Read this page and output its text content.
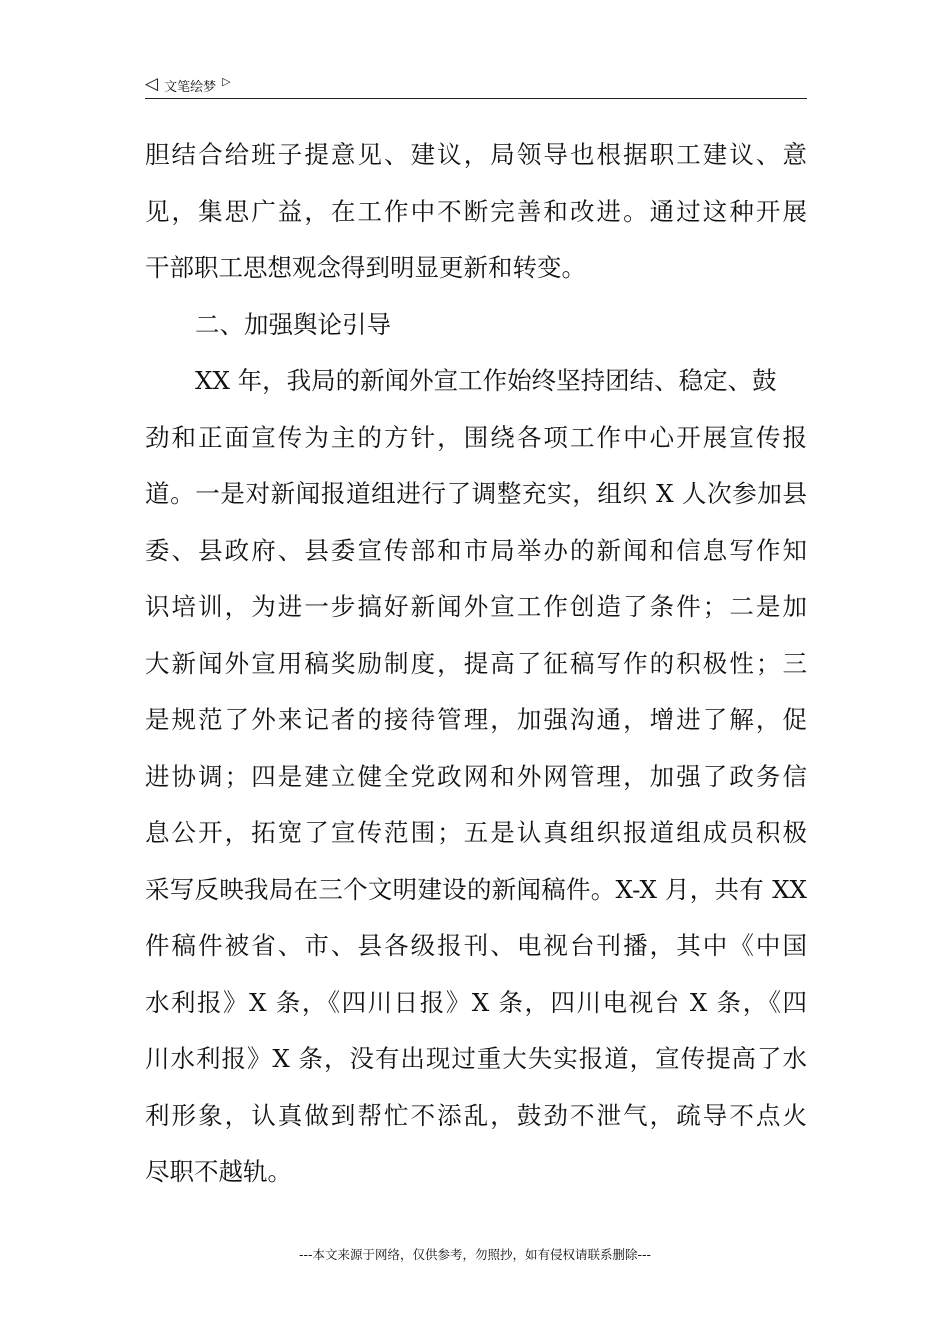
◁ 文笔绘梦 ▷
胆结合给班子提意见、建议，局领导也根据职工建议、意
见，集思广益，在工作中不断完善和改进。通过这种开展
干部职工思想观念得到明显更新和转变。
二、加强舆论引导
XX 年，我局的新闻外宣工作始终坚持团结、稳定、鼓
劲和正面宣传为主的方针，围绕各项工作中心开展宣传报
道。一是对新闻报道组进行了调整充实，组织 X 人次参加县
委、县政府、县委宣传部和市局举办的新闻和信息写作知
识培训，为进一步搞好新闻外宣工作创造了条件；二是加
大新闻外宣用稿奖励制度，提高了征稿写作的积极性；三
是规范了外来记者的接待管理，加强沟通，增进了解，促
进协调；四是建立健全党政网和外网管理，加强了政务信
息公开，拓宽了宣传范围；五是认真组织报道组成员积极
采写反映我局在三个文明建设的新闻稿件。X-X 月，共有 XX
件稿件被省、市、县各级报刊、电视台刊播，其中《中国
水利报》X 条，《四川日报》X 条，四川电视台 X 条，《四
川水利报》X 条，没有出现过重大失实报道，宣传提高了水
利形象，认真做到帮忙不添乱，鼓劲不泄气，疏导不点火
尽职不越轨。
---本文来源于网络，仅供参考，勿照抄，如有侵权请联系删除---
